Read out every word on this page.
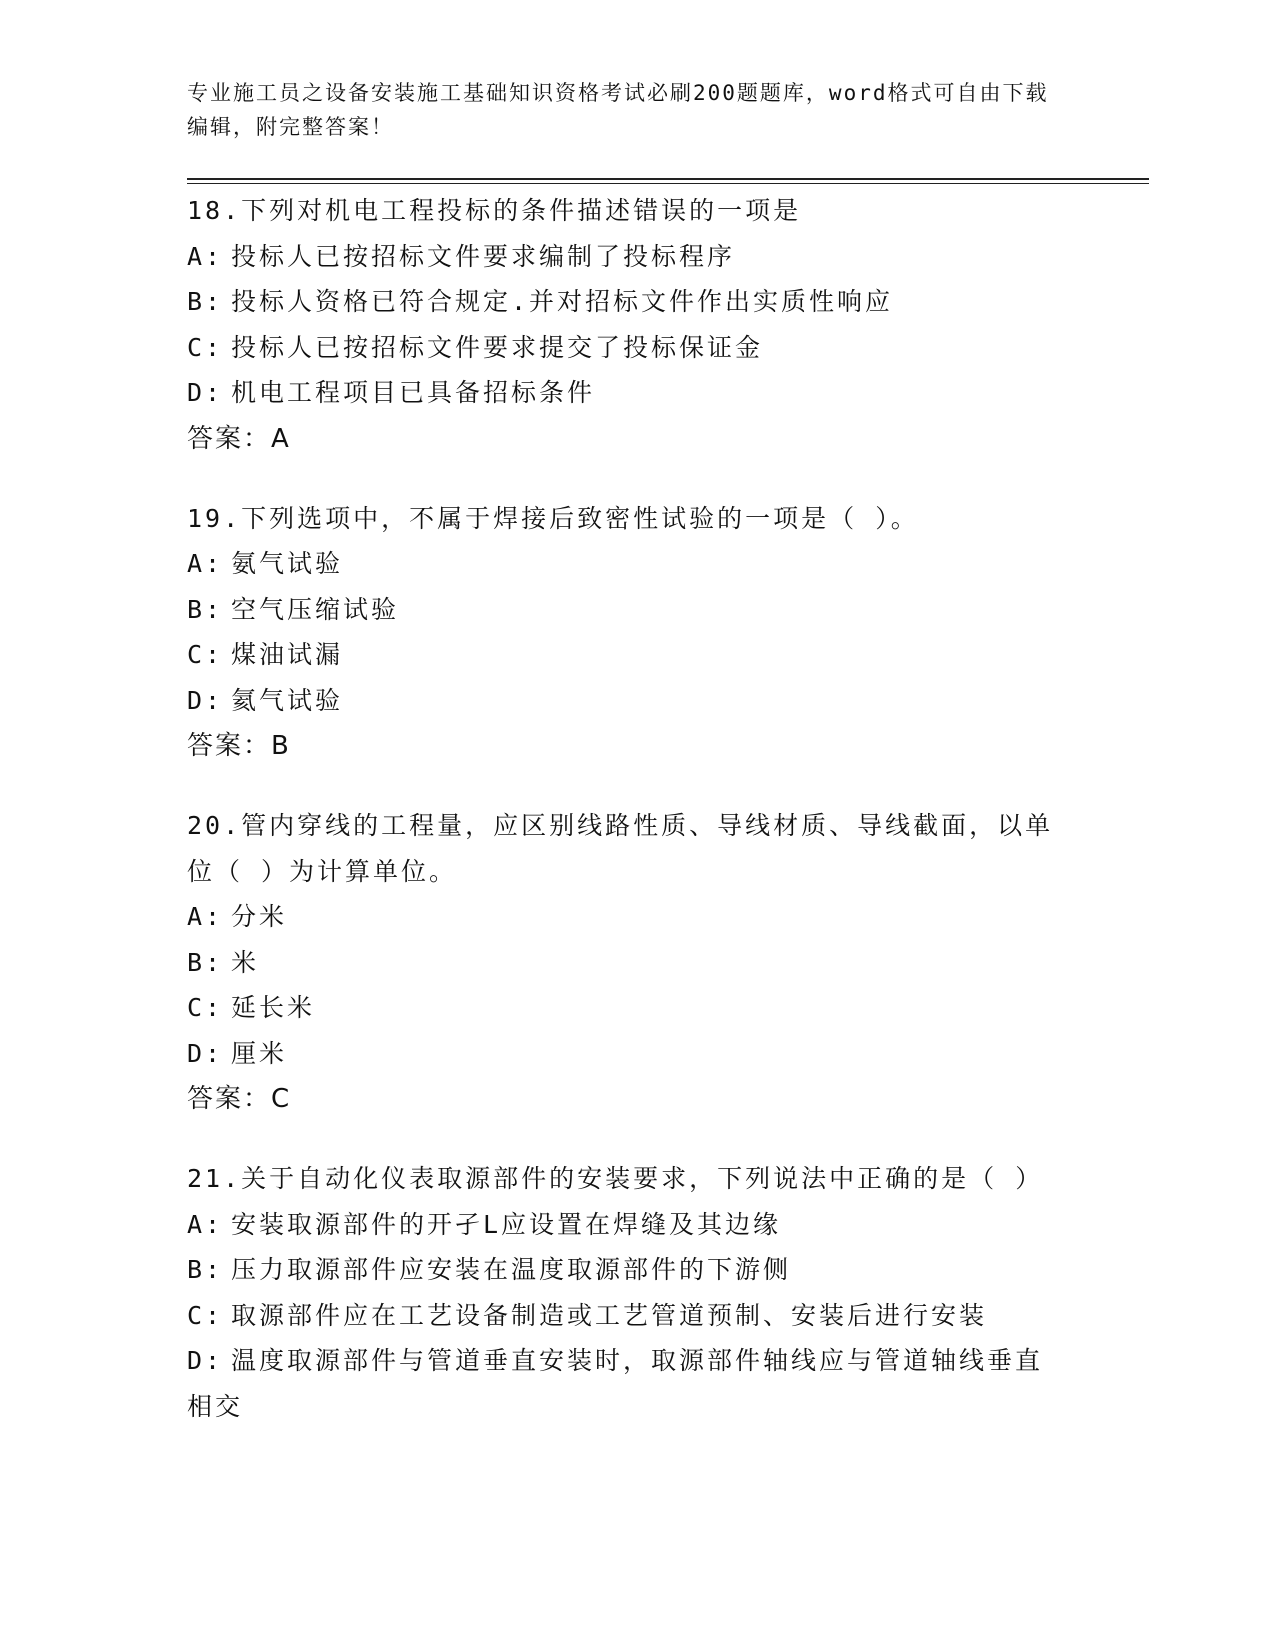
专业施工员之设备安装施工基础知识资格考试必刷200题题库，word格式可自由下载编辑，附完整答案！
18.下列对机电工程投标的条件描述错误的一项是
A: 投标人已按招标文件要求编制了投标程序
B: 投标人资格已符合规定.并对招标文件作出实质性响应
C: 投标人已按招标文件要求提交了投标保证金
D: 机电工程项目已具备招标条件
答案：A
19.下列选项中，不属于焊接后致密性试验的一项是（ ）。
A: 氨气试验
B: 空气压缩试验
C: 煤油试漏
D: 氦气试验
答案：B
20.管内穿线的工程量，应区别线路性质、导线材质、导线截面，以单位（ ）为计算单位。
A: 分米
B: 米
C: 延长米
D: 厘米
答案：C
21.关于自动化仪表取源部件的安装要求，下列说法中正确的是（ ）
A: 安装取源部件的开孑L应设置在焊缝及其边缘
B: 压力取源部件应安装在温度取源部件的下游侧
C: 取源部件应在工艺设备制造或工艺管道预制、安装后进行安装
D: 温度取源部件与管道垂直安装时，取源部件轴线应与管道轴线垂直相交
